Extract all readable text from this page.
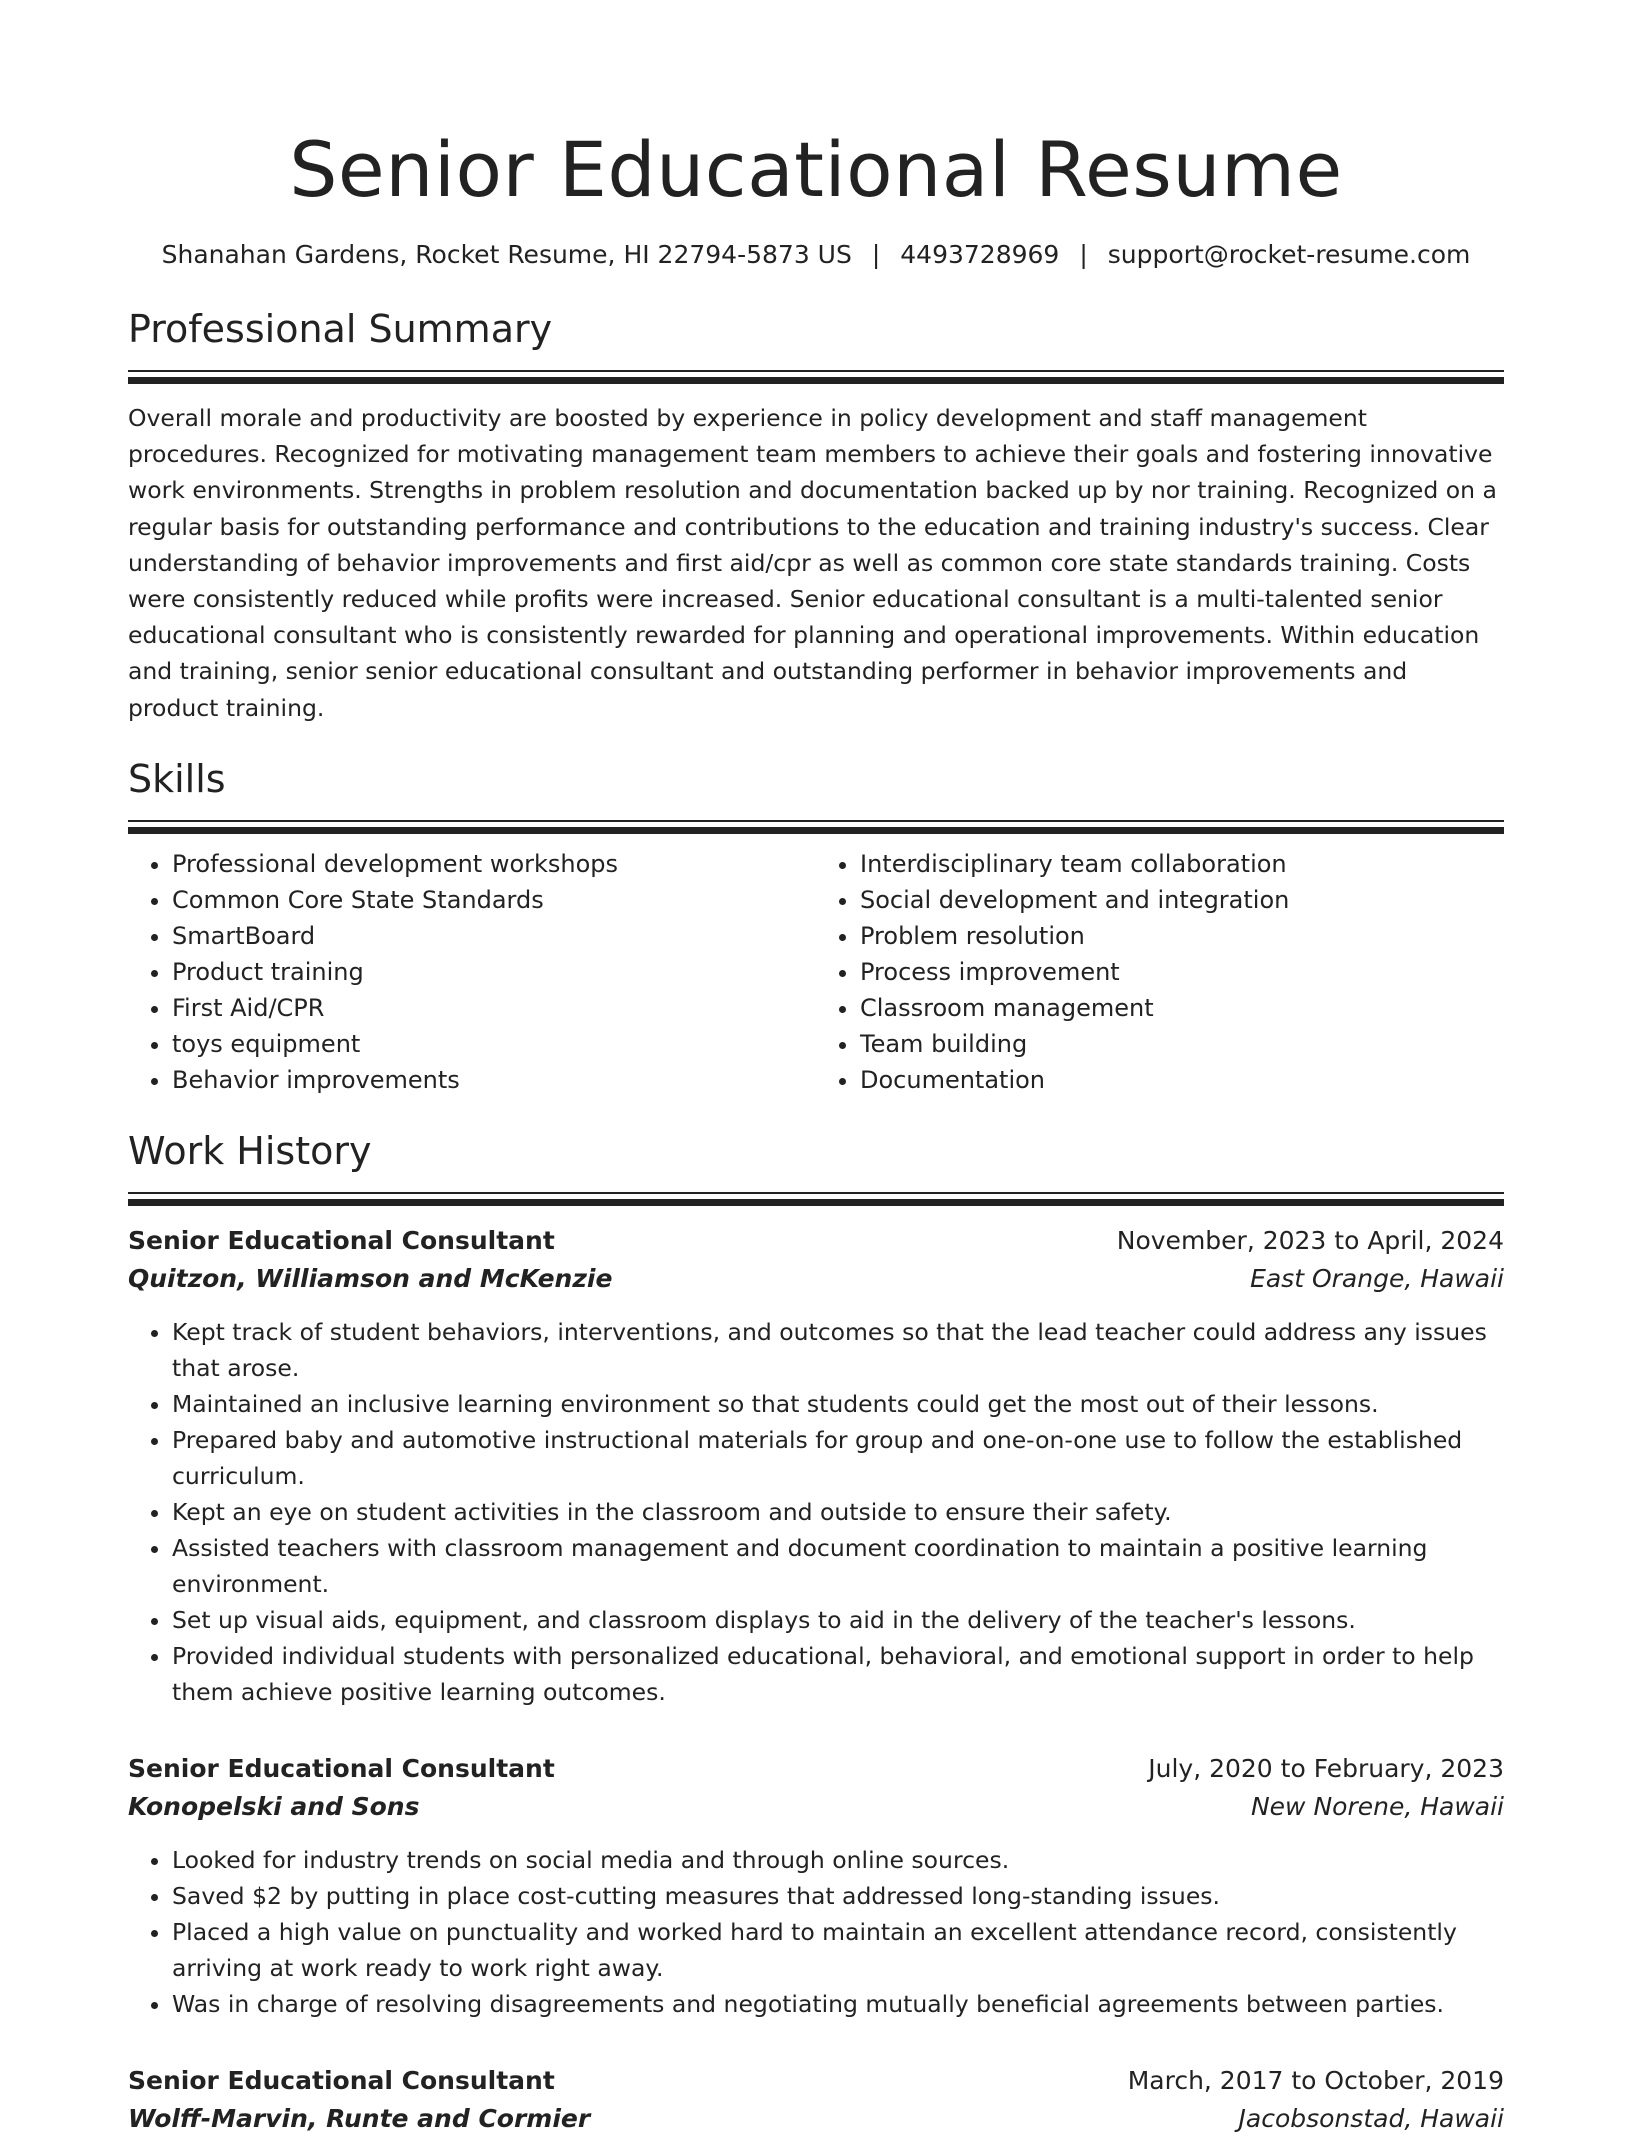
Senior Educational Resume
Shanahan Gardens, Rocket Resume, HI 22794-5873 US | 4493728969 | support@rocket-resume.com
Professional Summary

Overall morale and productivity are boosted by experience in policy development and staff management procedures. Recognized for motivating management team members to achieve their goals and fostering innovative work environments. Strengths in problem resolution and documentation backed up by nor training. Recognized on a regular basis for outstanding performance and contributions to the education and training industry's success. Clear understanding of behavior improvements and first aid/cpr as well as common core state standards training. Costs were consistently reduced while profits were increased. Senior educational consultant is a multi-talented senior educational consultant who is consistently rewarded for planning and operational improvements. Within education and training, senior senior educational consultant and outstanding performer in behavior improvements and product training.

Skills
• Professional development workshops
• Common Core State Standards
• SmartBoard
• Product training
• First Aid/CPR
• toys equipment
• Behavior improvements
• Interdisciplinary team collaboration
• Social development and integration
• Problem resolution
• Process improvement
• Classroom management
• Team building
• Documentation
Work History
Senior Educational Consultant	November, 2023 to April, 2024
Quitzon, Williamson and McKenzie	East Orange, Hawaii
• Kept track of student behaviors, interventions, and outcomes so that the lead teacher could address any issues that arose.
• Maintained an inclusive learning environment so that students could get the most out of their lessons.
• Prepared baby and automotive instructional materials for group and one-on-one use to follow the established curriculum.
• Kept an eye on student activities in the classroom and outside to ensure their safety.
• Assisted teachers with classroom management and document coordination to maintain a positive learning environment.
• Set up visual aids, equipment, and classroom displays to aid in the delivery of the teacher's lessons.
• Provided individual students with personalized educational, behavioral, and emotional support in order to help them achieve positive learning outcomes.
Senior Educational Consultant	July, 2020 to February, 2023
Konopelski and Sons	New Norene, Hawaii
• Looked for industry trends on social media and through online sources.
• Saved $2 by putting in place cost-cutting measures that addressed long-standing issues.
• Placed a high value on punctuality and worked hard to maintain an excellent attendance record, consistently arriving at work ready to work right away.
• Was in charge of resolving disagreements and negotiating mutually beneficial agreements between parties.
Senior Educational Consultant	March, 2017 to October, 2019
Wolff-Marvin, Runte and Cormier	Jacobsonstad, Hawaii
